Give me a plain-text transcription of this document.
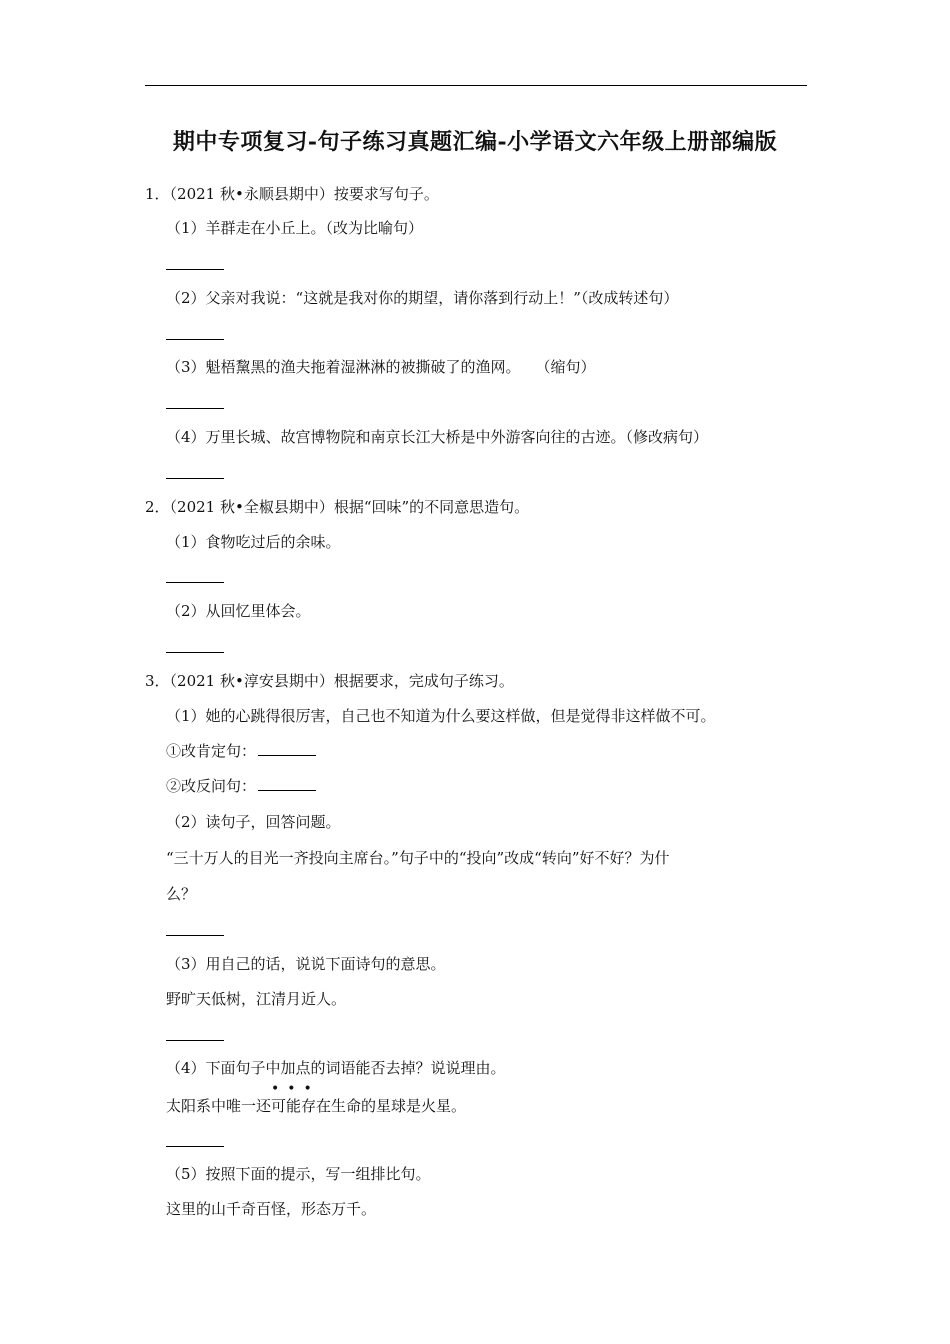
期中专项复习-句子练习真题汇编-小学语文六年级上册部编版
1．（2021 秋•永顺县期中）按要求写句子。
（1）羊群走在小丘上。（改为比喻句）
（2）父亲对我说：“这就是我对你的期望，请你落到行动上！”（改成转述句）
（3）魁梧黧黑的渔夫拖着湿淋淋的被撕破了的渔网。　　（缩句）
（4）万里长城、故宫博物院和南京长江大桥是中外游客向往的古迹。（修改病句）
2．（2021 秋•全椒县期中）根据“回味”的不同意思造句。
（1）食物吃过后的余味。
（2）从回忆里体会。
3．（2021 秋•淳安县期中）根据要求，完成句子练习。
（1）她的心跳得很厉害，自己也不知道为什么要这样做，但是觉得非这样做不可。
①改肯定句：
②改反问句：
（2）读句子，回答问题。
“三十万人的目光一齐投向主席台。”句子中的“投向”改成“转向”好不好？为什
么？
（3）用自己的话，说说下面诗句的意思。
野旷天低树，江清月近人。
（4）下面句子中加点的词语能否去掉？说说理由。
•••
太阳系中唯一还可能存在生命的星球是火星。
（5）按照下面的提示，写一组排比句。
这里的山千奇百怪，形态万千。
